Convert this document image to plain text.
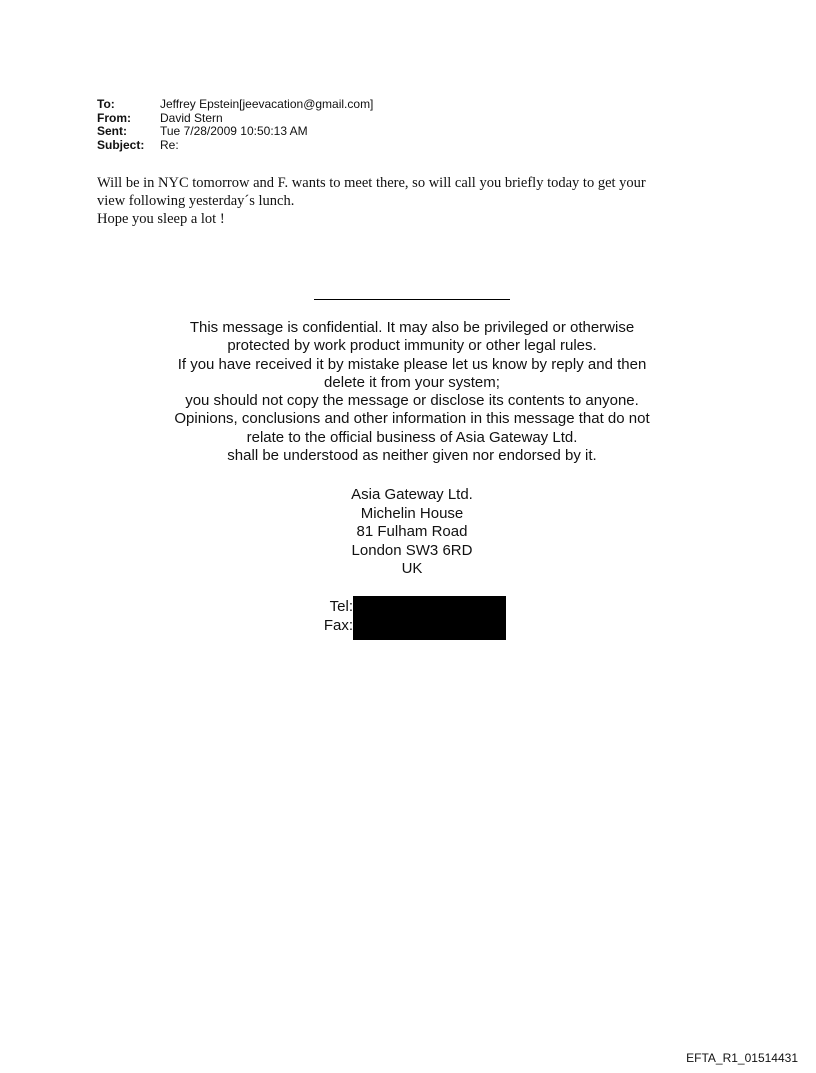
To:	Jeffrey Epstein[jeevacation@gmail.com]
From:	David Stern
Sent:	Tue 7/28/2009 10:50:13 AM
Subject:	Re:
Will be in NYC tomorrow and F. wants to meet there, so will call you briefly today to get your
view following yesterday´s lunch.
Hope you sleep a lot !
This message is confidential. It may also be privileged or otherwise
protected by work product immunity or other legal rules.
If you have received it by mistake please let us know by reply and then
delete it from your system;
you should not copy the message or disclose its contents to anyone.
Opinions, conclusions and other information in this message that do not
relate to the official business of Asia Gateway Ltd.
shall be understood as neither given nor endorsed by it.
Asia Gateway Ltd.
Michelin House
81 Fulham Road
London SW3 6RD
UK
Tel:
Fax:
EFTA_R1_01514431
